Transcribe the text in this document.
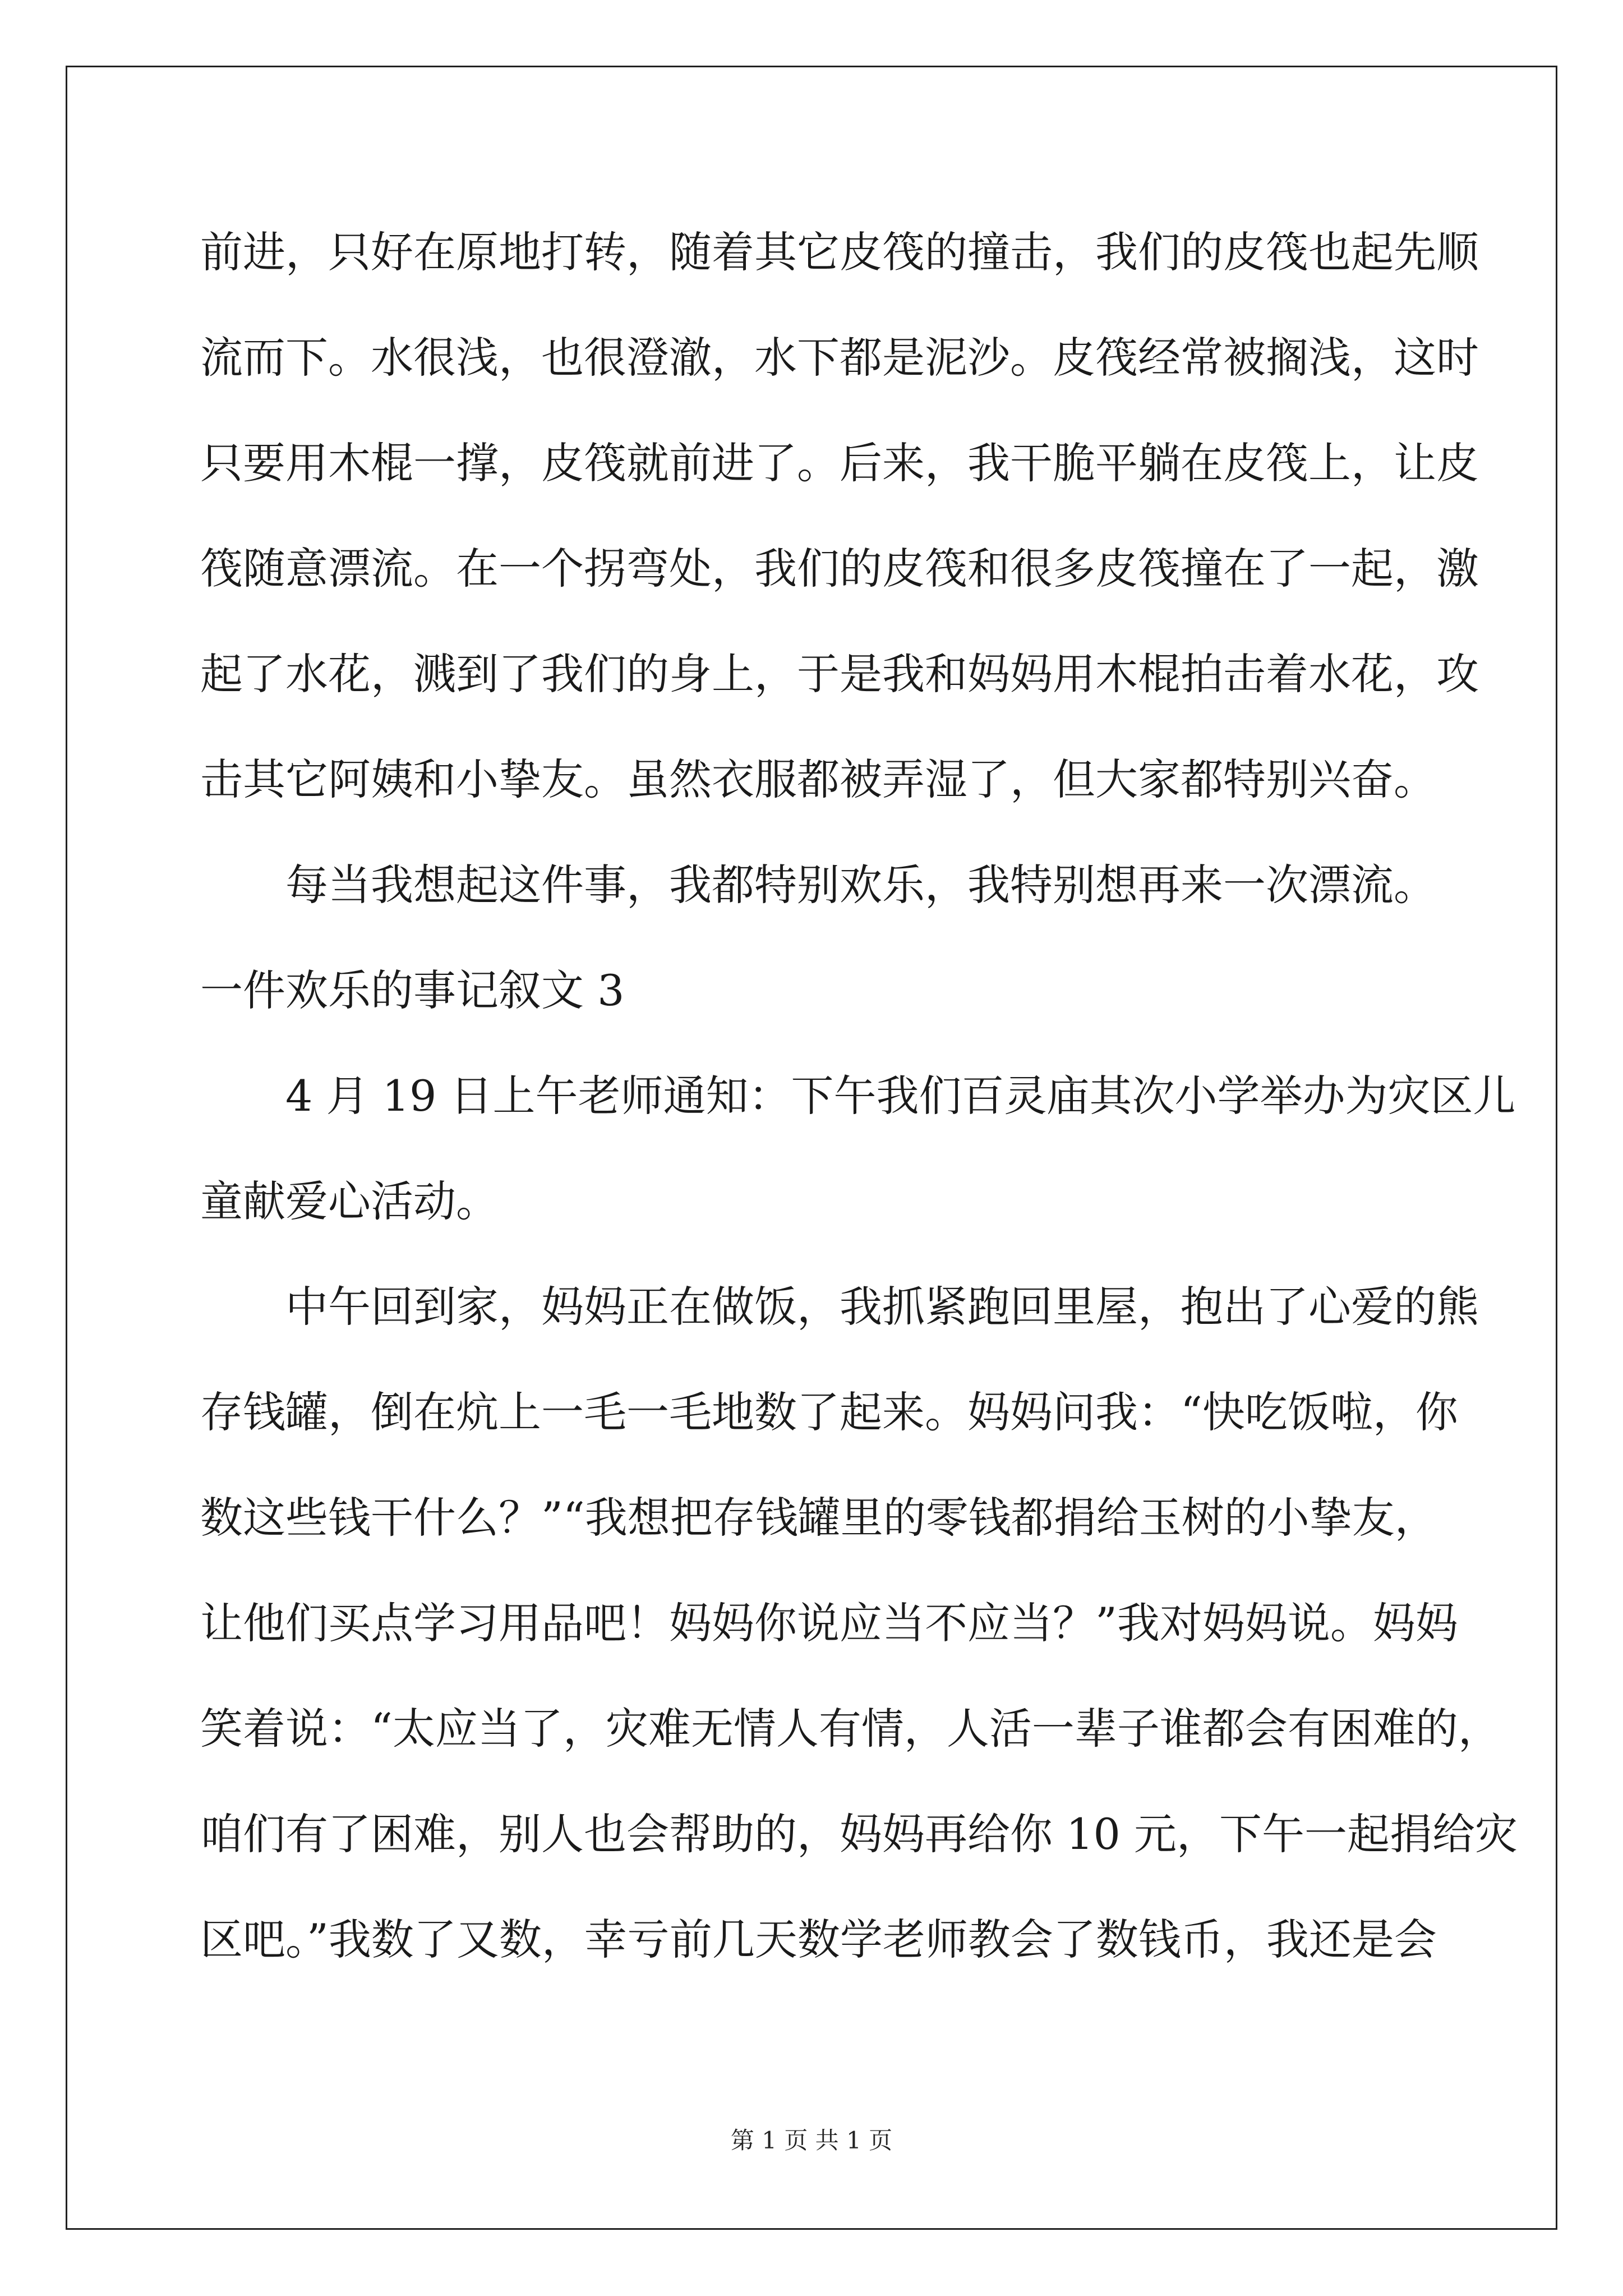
前进，只好在原地打转，随着其它皮筏的撞击，我们的皮筏也起先顺
流而下。水很浅，也很澄澈，水下都是泥沙。皮筏经常被搁浅，这时
只要用木棍一撑，皮筏就前进了。后来，我干脆平躺在皮筏上，让皮
筏随意漂流。在一个拐弯处，我们的皮筏和很多皮筏撞在了一起，激
起了水花，溅到了我们的身上，于是我和妈妈用木棍拍击着水花，攻
击其它阿姨和小挚友。虽然衣服都被弄湿了，但大家都特别兴奋。
每当我想起这件事，我都特别欢乐，我特别想再来一次漂流。
一件欢乐的事记叙文 3
4 月 19 日上午老师通知：下午我们百灵庙其次小学举办为灾区儿
童献爱心活动。
中午回到家，妈妈正在做饭，我抓紧跑回里屋，抱出了心爱的熊
存钱罐，倒在炕上一毛一毛地数了起来。妈妈问我：“快吃饭啦，你
数这些钱干什么？”“我想把存钱罐里的零钱都捐给玉树的小挚友，
让他们买点学习用品吧！妈妈你说应当不应当？”我对妈妈说。妈妈
笑着说：“太应当了，灾难无情人有情，人活一辈子谁都会有困难的，
咱们有了困难，别人也会帮助的，妈妈再给你 10 元，下午一起捐给灾
区吧。”我数了又数，幸亏前几天数学老师教会了数钱币，我还是会
第 1 页 共 1 页
